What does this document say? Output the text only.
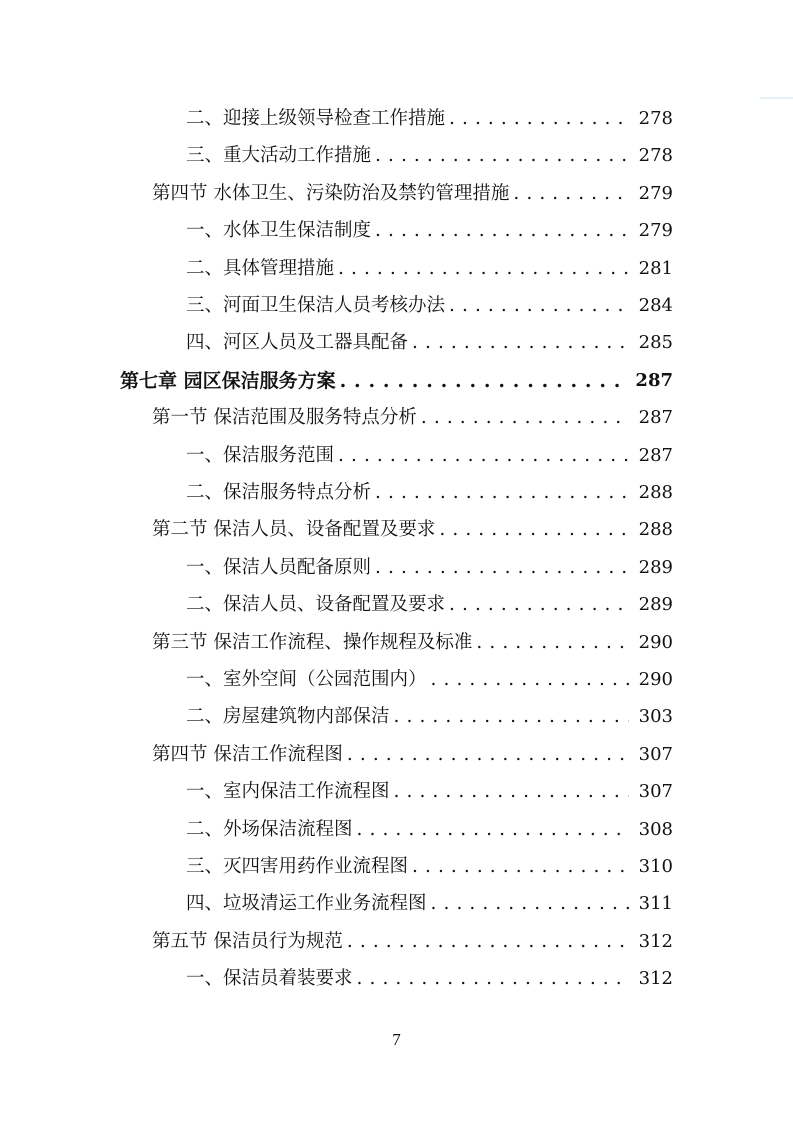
二、迎接上级领导检查工作措施 . . .	278
三、重大活动工作措施 . . .	278
第四节 水体卫生、污染防治及禁钓管理措施 . . .	279
一、水体卫生保洁制度 . . .	279
二、具体管理措施 . . .	281
三、河面卫生保洁人员考核办法 . . .	284
四、河区人员及工器具配备 . . .	285
第七章 园区保洁服务方案 . . .	287
第一节 保洁范围及服务特点分析 . . .	287
一、保洁服务范围 . . .	287
二、保洁服务特点分析 . . .	288
第二节 保洁人员、设备配置及要求 . . .	288
一、保洁人员配备原则 . . .	289
二、保洁人员、设备配置及要求 . . .	289
第三节 保洁工作流程、操作规程及标准 . . .	290
一、室外空间（公园范围内） . . .	290
二、房屋建筑物内部保洁 . . .	303
第四节 保洁工作流程图 . . .	307
一、室内保洁工作流程图 . . .	307
二、外场保洁流程图 . . .	308
三、灭四害用药作业流程图 . . .	310
四、垃圾清运工作业务流程图 . . .	311
第五节 保洁员行为规范 . . .	312
一、保洁员着装要求 . . .	312
7
